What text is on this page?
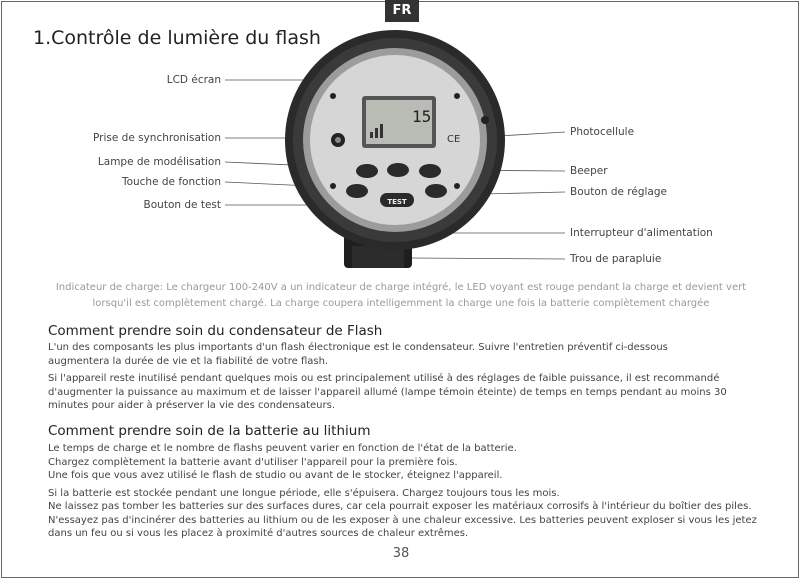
FR
1.Contrôle de lumière du flash
15
CE
TEST
LCD écran
Prise de synchronisation
Lampe de modélisation
Touche de fonction
Bouton de test
Photocellule
Beeper
Bouton de réglage
Interrupteur d'alimentation
Trou de parapluie
Indicateur de charge: Le chargeur 100-240V a un indicateur de charge intégré, le LED voyant est rouge pendant la charge et devient vert
lorsqu'il est complètement chargé. La charge coupera intelligemment la charge une fois la batterie complètement chargée
Comment prendre soin du condensateur de Flash
L'un des composants les plus importants d'un flash électronique est le condensateur. Suivre l'entretien préventif ci-dessous
augmentera la durée de vie et la fiabilité de votre flash.
Si l'appareil reste inutilisé pendant quelques mois ou est principalement utilisé à des réglages de faible puissance, il est recommandé
d'augmenter la puissance au maximum et de laisser l'appareil allumé (lampe témoin éteinte) de temps en temps pendant au moins 30
minutes pour aider à préserver la vie des condensateurs.
Comment prendre soin de la batterie au lithium
Le temps de charge et le nombre de flashs peuvent varier en fonction de l'état de la batterie.
Chargez complètement la batterie avant d'utiliser l'appareil pour la première fois.
Une fois que vous avez utilisé le flash de studio ou avant de le stocker, éteignez l'appareil.
Si la batterie est stockée pendant une longue période, elle s'épuisera. Chargez toujours tous les mois.
Ne laissez pas tomber les batteries sur des surfaces dures, car cela pourrait exposer les matériaux corrosifs à l'intérieur du boîtier des piles.
N'essayez pas d'incinérer des batteries au lithium ou de les exposer à une chaleur excessive. Les batteries peuvent exploser si vous les jetez
dans un feu ou si vous les placez à proximité d'autres sources de chaleur extrêmes.
38
